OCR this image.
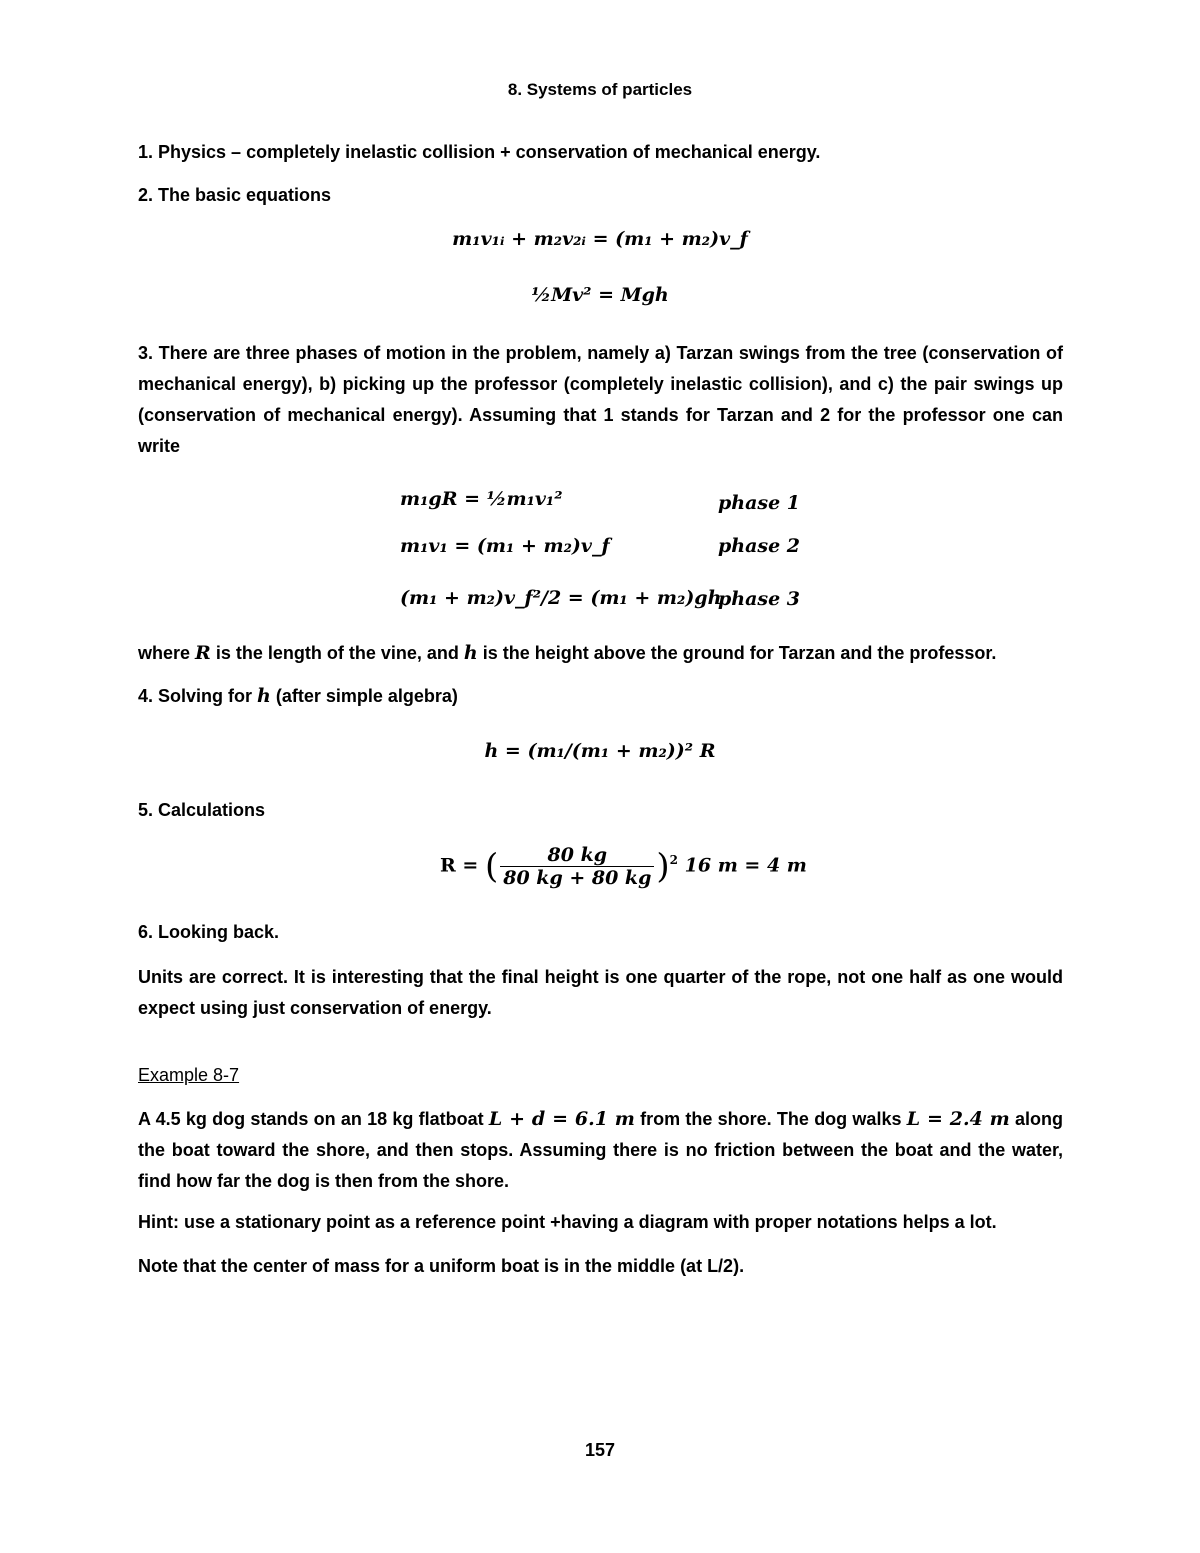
8. Systems of particles
1. Physics – completely inelastic collision + conservation of mechanical energy.
2. The basic equations
m₁v₁ᵢ + m₂v₂ᵢ = (m₁ + m₂)v_f
½Mv² = Mgh
3. There are three phases of motion in the problem, namely a) Tarzan swings from the tree (conservation of mechanical energy), b) picking up the professor (completely inelastic collision), and c) the pair swings up (conservation of mechanical energy). Assuming that 1 stands for Tarzan and 2 for the professor one can write
m₁gR = ½m₁v₁²	phase 1
m₁v₁ = (m₁ + m₂)v_f	phase 2
(m₁ + m₂)v_f²/2 = (m₁ + m₂)gh
phase 3
where R is the length of the vine, and h is the height above the ground for Tarzan and the professor.
4. Solving for h (after simple algebra)
h = (m₁/(m₁ + m₂))² R
5. Calculations
R = ( $\frac{80 kg}{80 kg + 80 kg} )^2$ 16 m = 4 m
6. Looking back.
Units are correct. It is interesting that the final height is one quarter of the rope, not one half as one would expect using just conservation of energy.
Example 8-7
A 4.5 kg dog stands on an 18 kg flatboat L + d = 6.1 m from the shore. The dog walks L = 2.4 m along the boat toward the shore, and then stops. Assuming there is no friction between the boat and the water, find how far the dog is then from the shore.
Hint: use a stationary point as a reference point +having a diagram with proper notations helps a lot.
Note that the center of mass for a uniform boat is in the middle (at L/2).
157
